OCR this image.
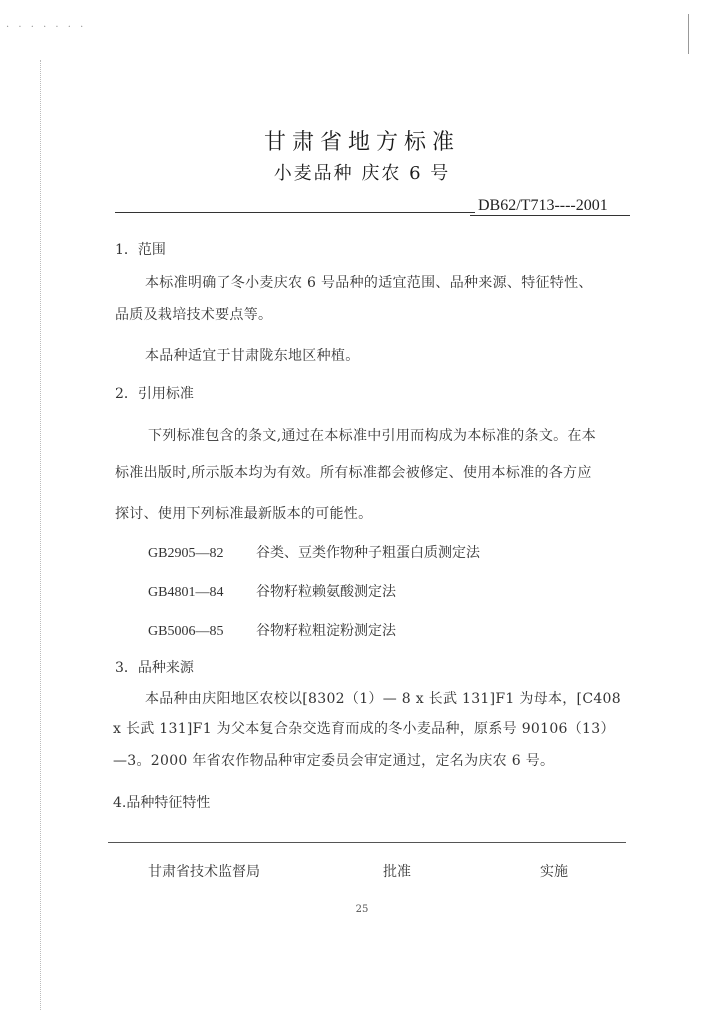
· · · · · · ·
甘肃省地方标准
小麦品种 庆农 6 号
DB62/T713----2001
1．范围
本标准明确了冬小麦庆农 6 号品种的适宜范围、品种来源、特征特性、
品质及栽培技术要点等。
本品种适宜于甘肃陇东地区种植。
2．引用标准
下列标准包含的条文,通过在本标准中引用而构成为本标准的条文。在本
标准出版时,所示版本均为有效。所有标准都会被修定、使用本标准的各方应
探讨、使用下列标准最新版本的可能性。
GB2905—82 谷类、豆类作物种子粗蛋白质测定法
GB4801—84 谷物籽粒赖氨酸测定法
GB5006—85 谷物籽粒粗淀粉测定法
3．品种来源
本品种由庆阳地区农校以[8302（1）— 8 x 长武 131]F1 为母本，[C408
x 长武 131]F1 为父本复合杂交选育而成的冬小麦品种，原系号 90106（13）
—3。2000 年省农作物品种审定委员会审定通过，定名为庆农 6 号。
4.品种特征特性
甘肃省技术监督局	批准	实施
25
